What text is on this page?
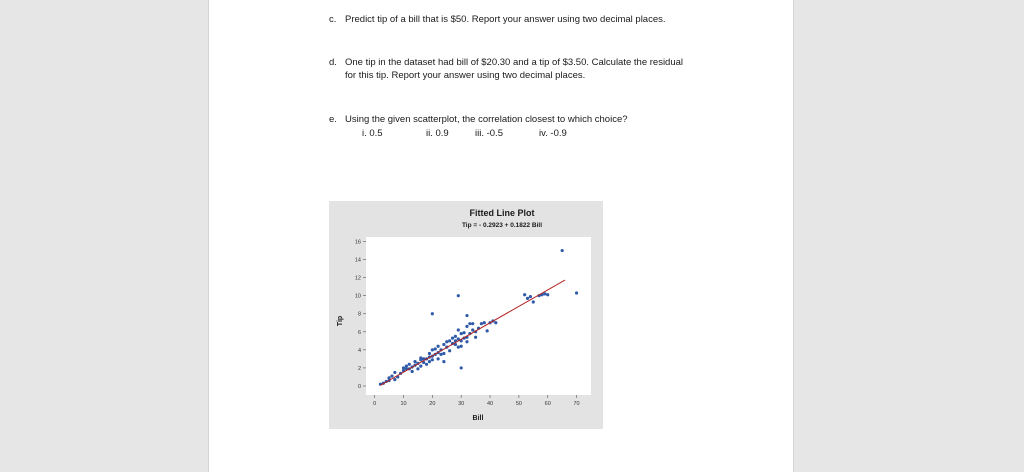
c. Predict tip of a bill that is $50. Report your answer using two decimal places.
d. One tip in the dataset had bill of $20.30 and a tip of $3.50. Calculate the residual
for this tip. Report your answer using two decimal places.
e. Using the given scatterplot, the correlation closest to which choice?
i. 0.5	ii. 0.9	iii. -0.5	iv. -0.9
Fitted Line Plot
Tip = - 0.2923 + 0.1822 Bill
0	10	20	30	40	50	60	70
0
2
4
6
8
10
12
14
16
Bill
Tip
